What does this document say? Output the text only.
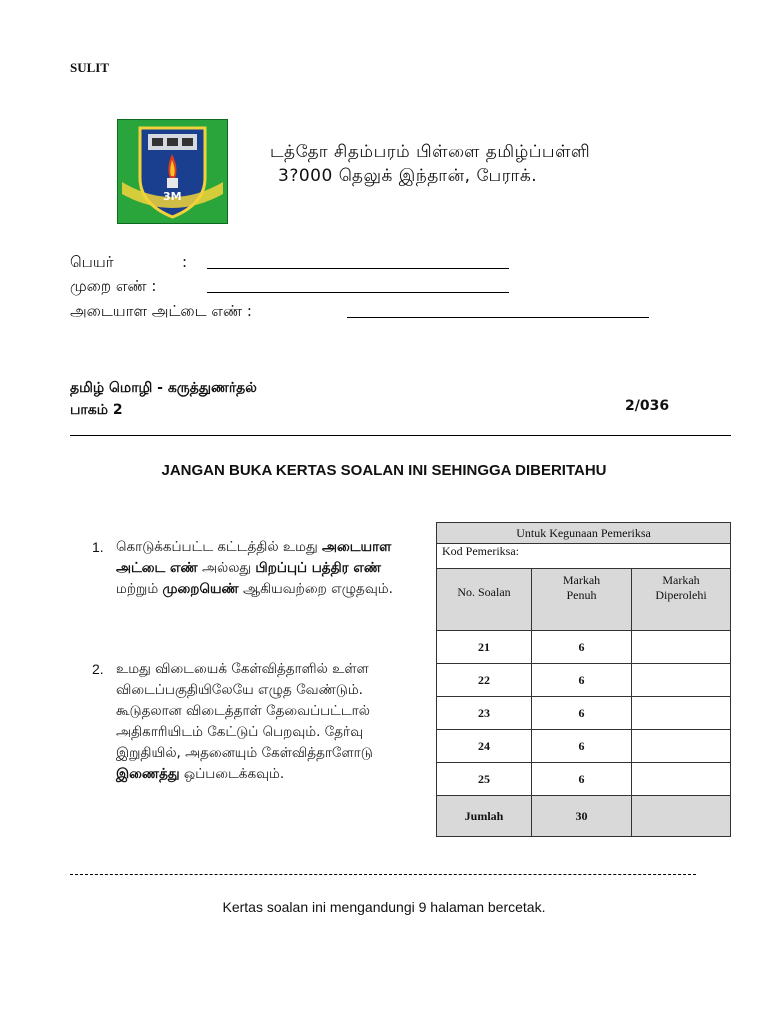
SULIT
3M
டத்தோ சிதம்பரம் பிள்ளை தமிழ்ப்பள்ளி
3?000 தெலுக் இந்தான், பேராக்.
பெயர்	:
முறை எண் :
அடையாள அட்டை எண் :
தமிழ் மொழி - கருத்துணர்தல்
பாகம் 2	2/036
JANGAN BUKA KERTAS SOALAN INI SEHINGGA DIBERITAHU
1. கொடுக்கப்பட்ட கட்டத்தில் உமது அடையாள அட்டை எண் அல்லது பிறப்புப் பத்திர எண் மற்றும் முறையெண் ஆகியவற்றை எழுதவும்.
2. உமது விடையைக் கேள்வித்தாளில் உள்ள விடைப்பகுதியிலேயே எழுத வேண்டும். கூடுதலான விடைத்தாள் தேவைப்பட்டால் அதிகாரியிடம் கேட்டுப் பெறவும். தேர்வு இறுதியில், அதனையும் கேள்வித்தாளோடு இணைத்து ஒப்படைக்கவும்.
Untuk Kegunaan Pemeriksa		
Kod Pemeriksa:		
No. Soalan	Markah Penuh	Markah Diperolehi
21	6	
22	6	
23	6	
24	6	
25	6	
Jumlah	30	
Kertas soalan ini mengandungi 9 halaman bercetak.
